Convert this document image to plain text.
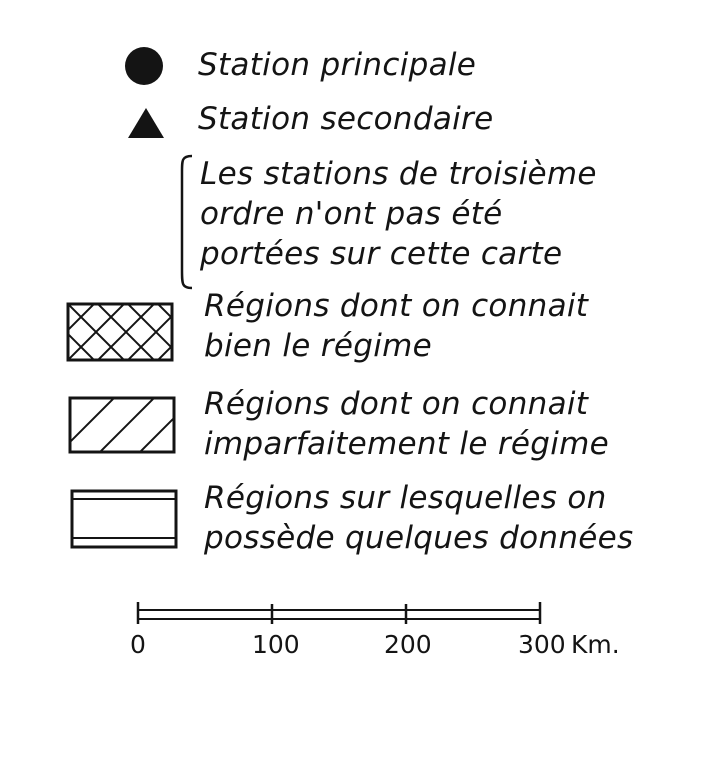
Station principale
Station secondaire
Les stations de troisième
ordre n'ont pas été
portées sur cette carte
Régions dont on connait
bien le régime
Régions dont on connait
imparfaitement le régime
Régions sur lesquelles on
possède quelques données
0	100	200	300 Km.
